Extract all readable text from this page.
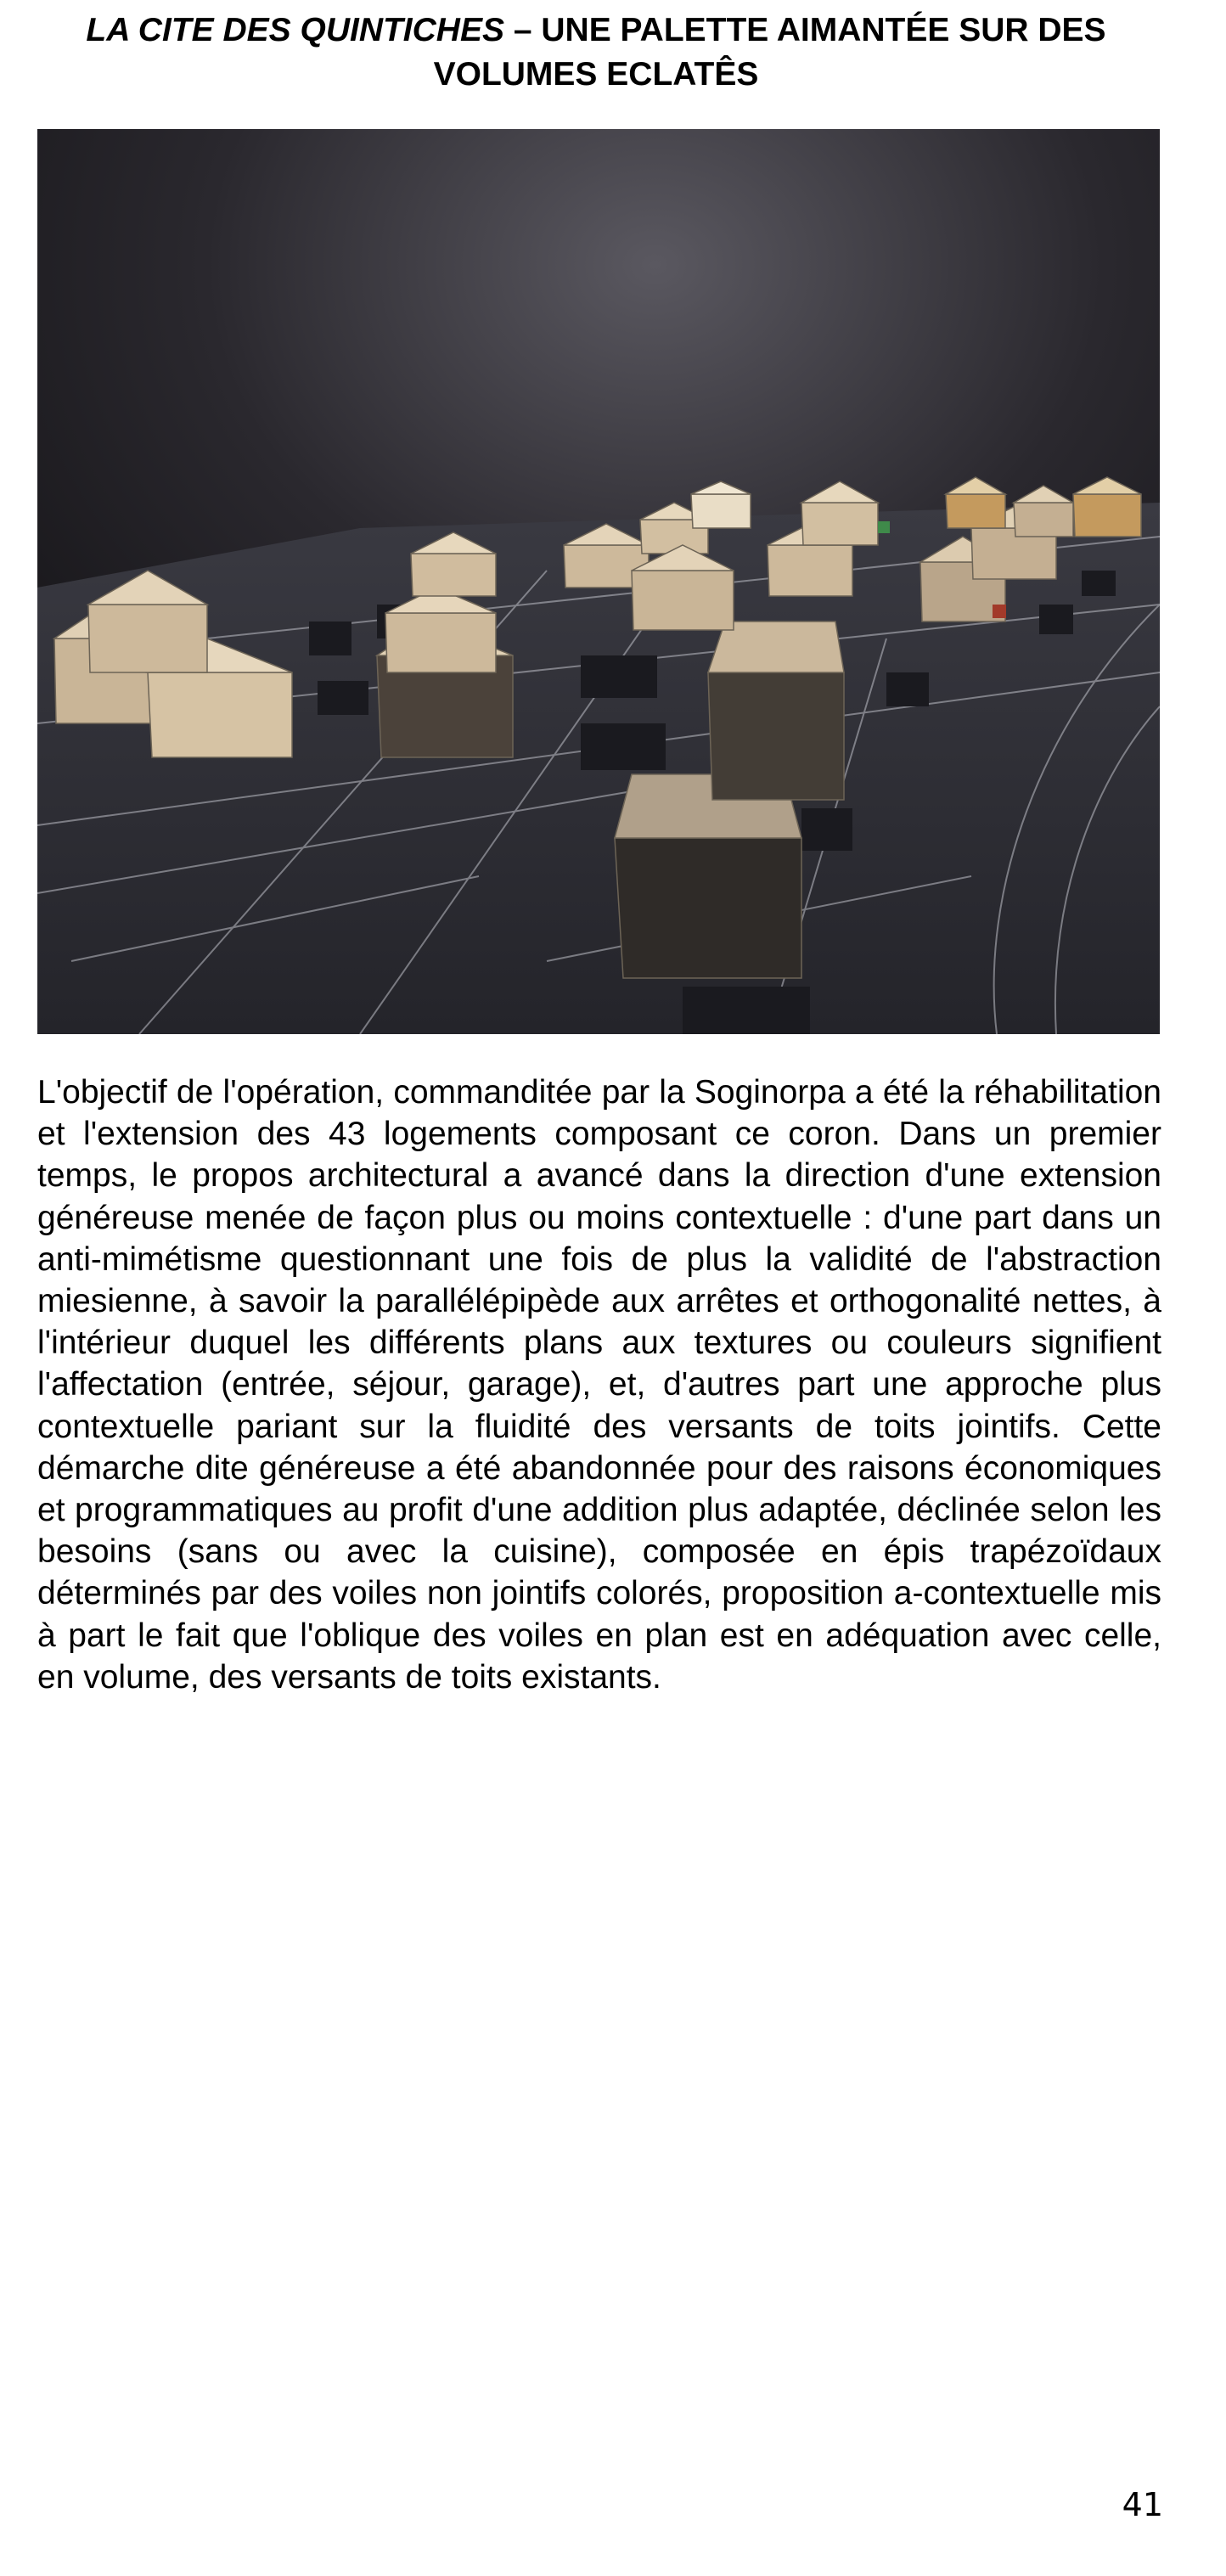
LA CITE DES QUINTICHES – UNE PALETTE AIMANTÉE SUR DES VOLUMES ECLATÊS

L'objectif de l'opération, commanditée par la Soginorpa a été la réhabilitation et l'extension des 43 logements composant ce coron. Dans un premier temps, le propos architectural a avancé dans la direction d'une extension généreuse menée de façon plus ou moins contextuelle : d'une part dans un anti-mimétisme questionnant une fois de plus la validité de l'abstraction miesienne, à savoir la parallélépipède aux arrêtes et orthogonalité nettes, à l'intérieur duquel les différents plans aux textures ou couleurs signifient l'affectation (entrée, séjour, garage), et, d'autres part une approche plus contextuelle pariant sur la fluidité des versants de toits jointifs. Cette démarche dite généreuse a été abandonnée pour des raisons économiques et programmatiques au profit d'une addition plus adaptée, déclinée selon les besoins (sans ou avec la cuisine), composée en épis trapézoïdaux déterminés par des voiles non jointifs colorés, proposition a-contextuelle mis à part le fait que l'oblique des voiles en plan est en adéquation avec celle, en volume, des versants de toits existants.

41
